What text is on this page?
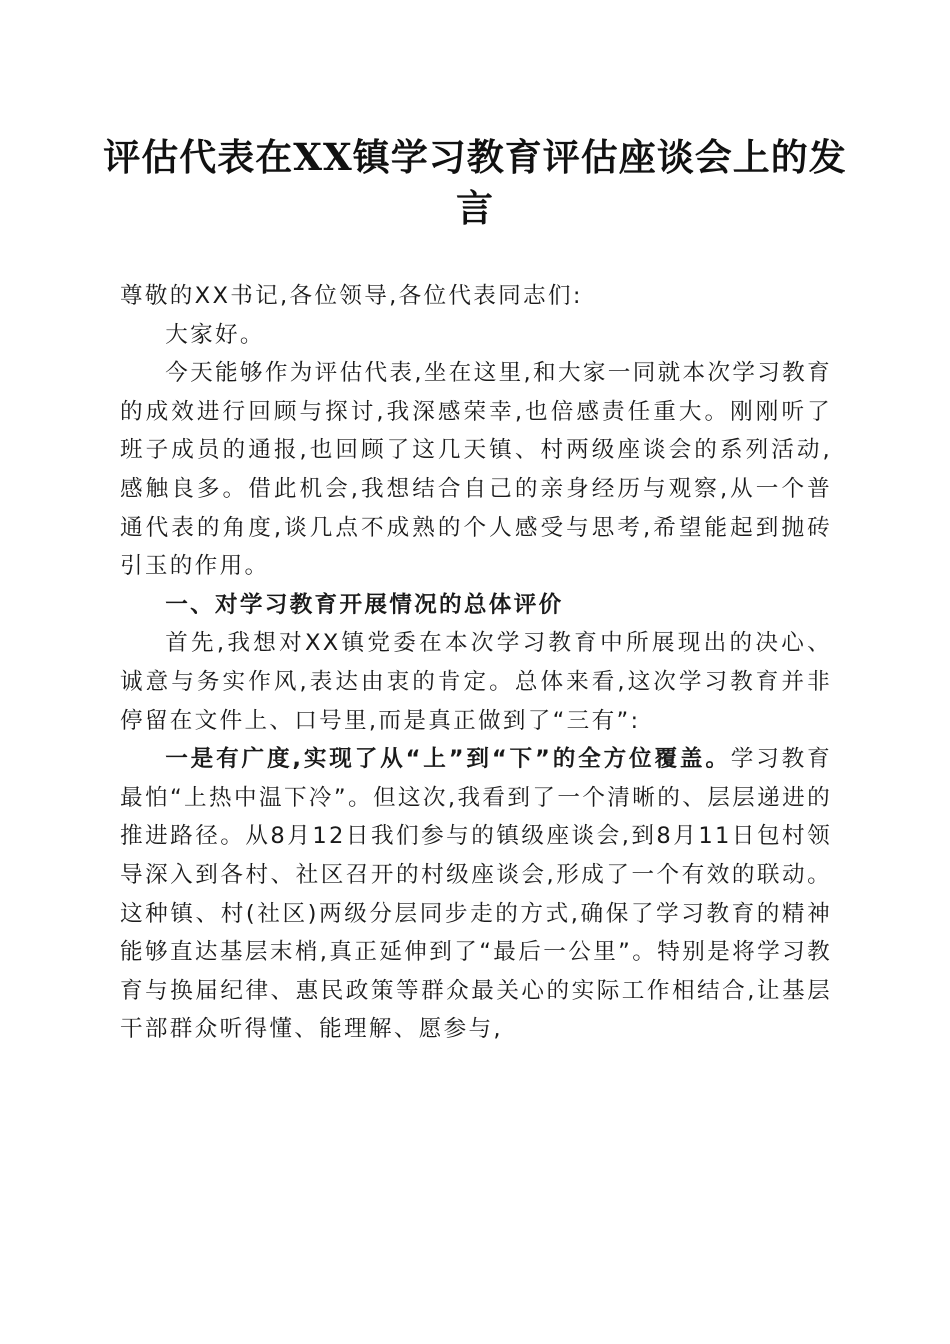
评估代表在XX镇学习教育评估座谈会上的发言

尊敬的XX书记,各位领导,各位代表同志们:

大家好。

今天能够作为评估代表,坐在这里,和大家一同就本次学习教育的成效进行回顾与探讨,我深感荣幸,也倍感责任重大。刚刚听了班子成员的通报,也回顾了这几天镇、村两级座谈会的系列活动,感触良多。借此机会,我想结合自己的亲身经历与观察,从一个普通代表的角度,谈几点不成熟的个人感受与思考,希望能起到抛砖引玉的作用。

一、对学习教育开展情况的总体评价

首先,我想对XX镇党委在本次学习教育中所展现出的决心、诚意与务实作风,表达由衷的肯定。总体来看,这次学习教育并非停留在文件上、口号里,而是真正做到了“三有”:

一是有广度,实现了从“上”到“下”的全方位覆盖。学习教育最怕“上热中温下冷”。但这次,我看到了一个清晰的、层层递进的推进路径。从8月12日我们参与的镇级座谈会,到8月11日包村领导深入到各村、社区召开的村级座谈会,形成了一个有效的联动。这种镇、村(社区)两级分层同步走的方式,确保了学习教育的精神能够直达基层末梢,真正延伸到了“最后一公里”。特别是将学习教育与换届纪律、惠民政策等群众最关心的实际工作相结合,让基层干部群众听得懂、能理解、愿参与,
